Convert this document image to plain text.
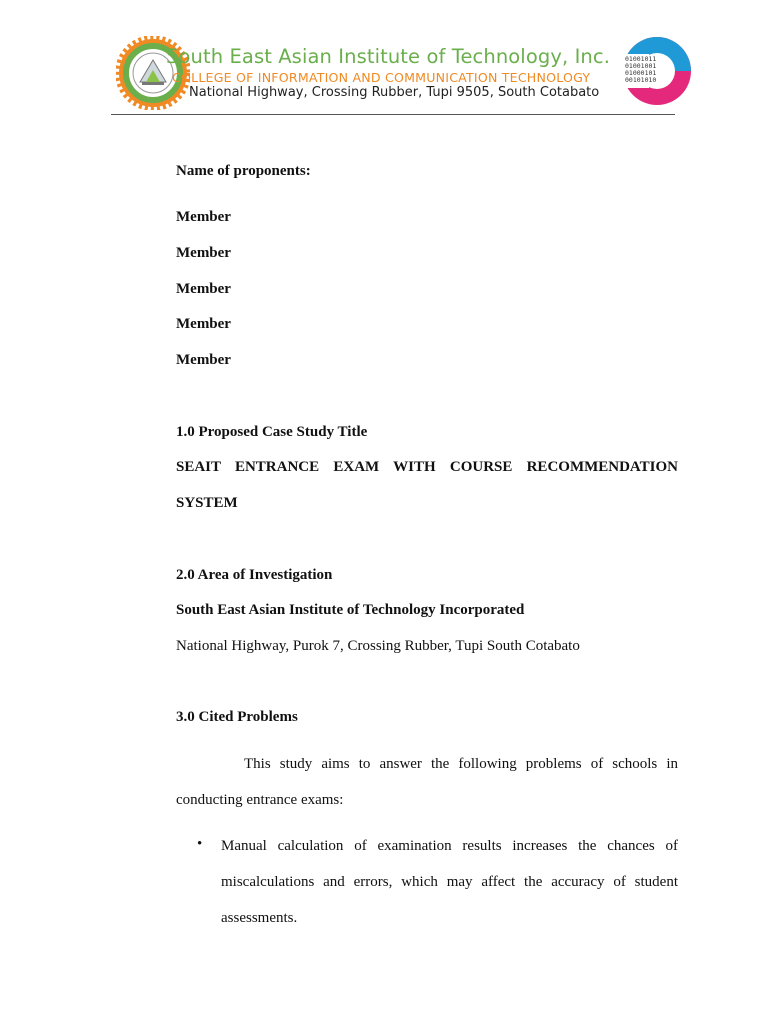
South East Asian Institute of Technology, Inc.
COLLEGE OF INFORMATION AND COMMUNICATION TECHNOLOGY
National Highway, Crossing Rubber, Tupi 9505, South Cotabato
01001011
01001001
01000101
00101010
Name of proponents:
Member
Member
Member
Member
Member
1.0 Proposed Case Study Title
SEAIT ENTRANCE EXAM WITH COURSE RECOMMENDATION
SYSTEM
2.0 Area of Investigation
South East Asian Institute of Technology Incorporated
National Highway, Purok 7, Crossing Rubber, Tupi South Cotabato
3.0 Cited Problems
This study aims to answer the following problems of schools in conducting entrance exams:
• Manual calculation of examination results increases the chances of miscalculations and errors, which may affect the accuracy of student assessments.
